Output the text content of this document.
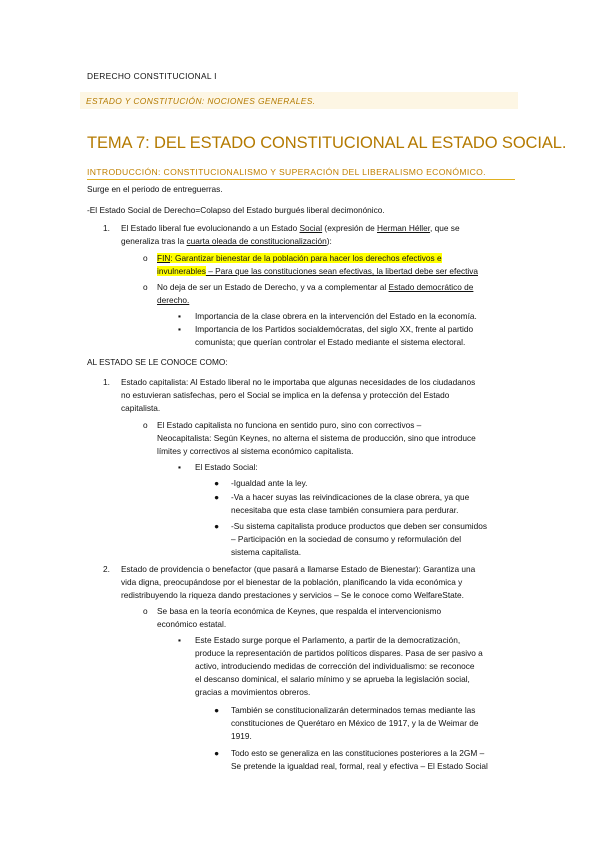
DERECHO CONSTITUCIONAL I
ESTADO Y CONSTITUCIÓN: NOCIONES GENERALES.
TEMA 7: DEL ESTADO CONSTITUCIONAL AL ESTADO SOCIAL.
INTRODUCCIÓN: CONSTITUCIONALISMO Y SUPERACIÓN DEL LIBERALISMO ECONÓMICO.
Surge en el periodo de entreguerras.
-El Estado Social de Derecho=Colapso del Estado burgués liberal decimonónico.
1. El Estado liberal fue evolucionando a un Estado Social (expresión de Herman Héller, que se
generaliza tras la cuarta oleada de constitucionalización):
o FIN: Garantizar bienestar de la población para hacer los derechos efectivos e
invulnerables – Para que las constituciones sean efectivas, la libertad debe ser efectiva
o No deja de ser un Estado de Derecho, y va a complementar al Estado democrático de
derecho.
▪ Importancia de la clase obrera en la intervención del Estado en la economía.
▪ Importancia de los Partidos socialdemócratas, del siglo XX, frente al partido
comunista; que querían controlar el Estado mediante el sistema electoral.
AL ESTADO SE LE CONOCE COMO:
1. Estado capitalista: Al Estado liberal no le importaba que algunas necesidades de los ciudadanos
no estuvieran satisfechas, pero el Social se implica en la defensa y protección del Estado
capitalista.
o El Estado capitalista no funciona en sentido puro, sino con correctivos –
Neocapitalista: Según Keynes, no alterna el sistema de producción, sino que introduce
límites y correctivos al sistema económico capitalista.
▪ El Estado Social:
● -Igualdad ante la ley.
● -Va a hacer suyas las reivindicaciones de la clase obrera, ya que
necesitaba que esta clase también consumiera para perdurar.
● -Su sistema capitalista produce productos que deben ser consumidos
– Participación en la sociedad de consumo y reformulación del
sistema capitalista.
2. Estado de providencia o benefactor (que pasará a llamarse Estado de Bienestar): Garantiza una
vida digna, preocupándose por el bienestar de la población, planificando la vida económica y
redistribuyendo la riqueza dando prestaciones y servicios – Se le conoce como WelfareState.
o Se basa en la teoría económica de Keynes, que respalda el intervencionismo
económico estatal.
▪ Este Estado surge porque el Parlamento, a partir de la democratización,
produce la representación de partidos políticos dispares. Pasa de ser pasivo a
activo, introduciendo medidas de corrección del individualismo: se reconoce
el descanso dominical, el salario mínimo y se aprueba la legislación social,
gracias a movimientos obreros.
● También se constitucionalizarán determinados temas mediante las
constituciones de Querétaro en México de 1917, y la de Weimar de
1919.
● Todo esto se generaliza en las constituciones posteriores a la 2GM –
Se pretende la igualdad real, formal, real y efectiva – El Estado Social
